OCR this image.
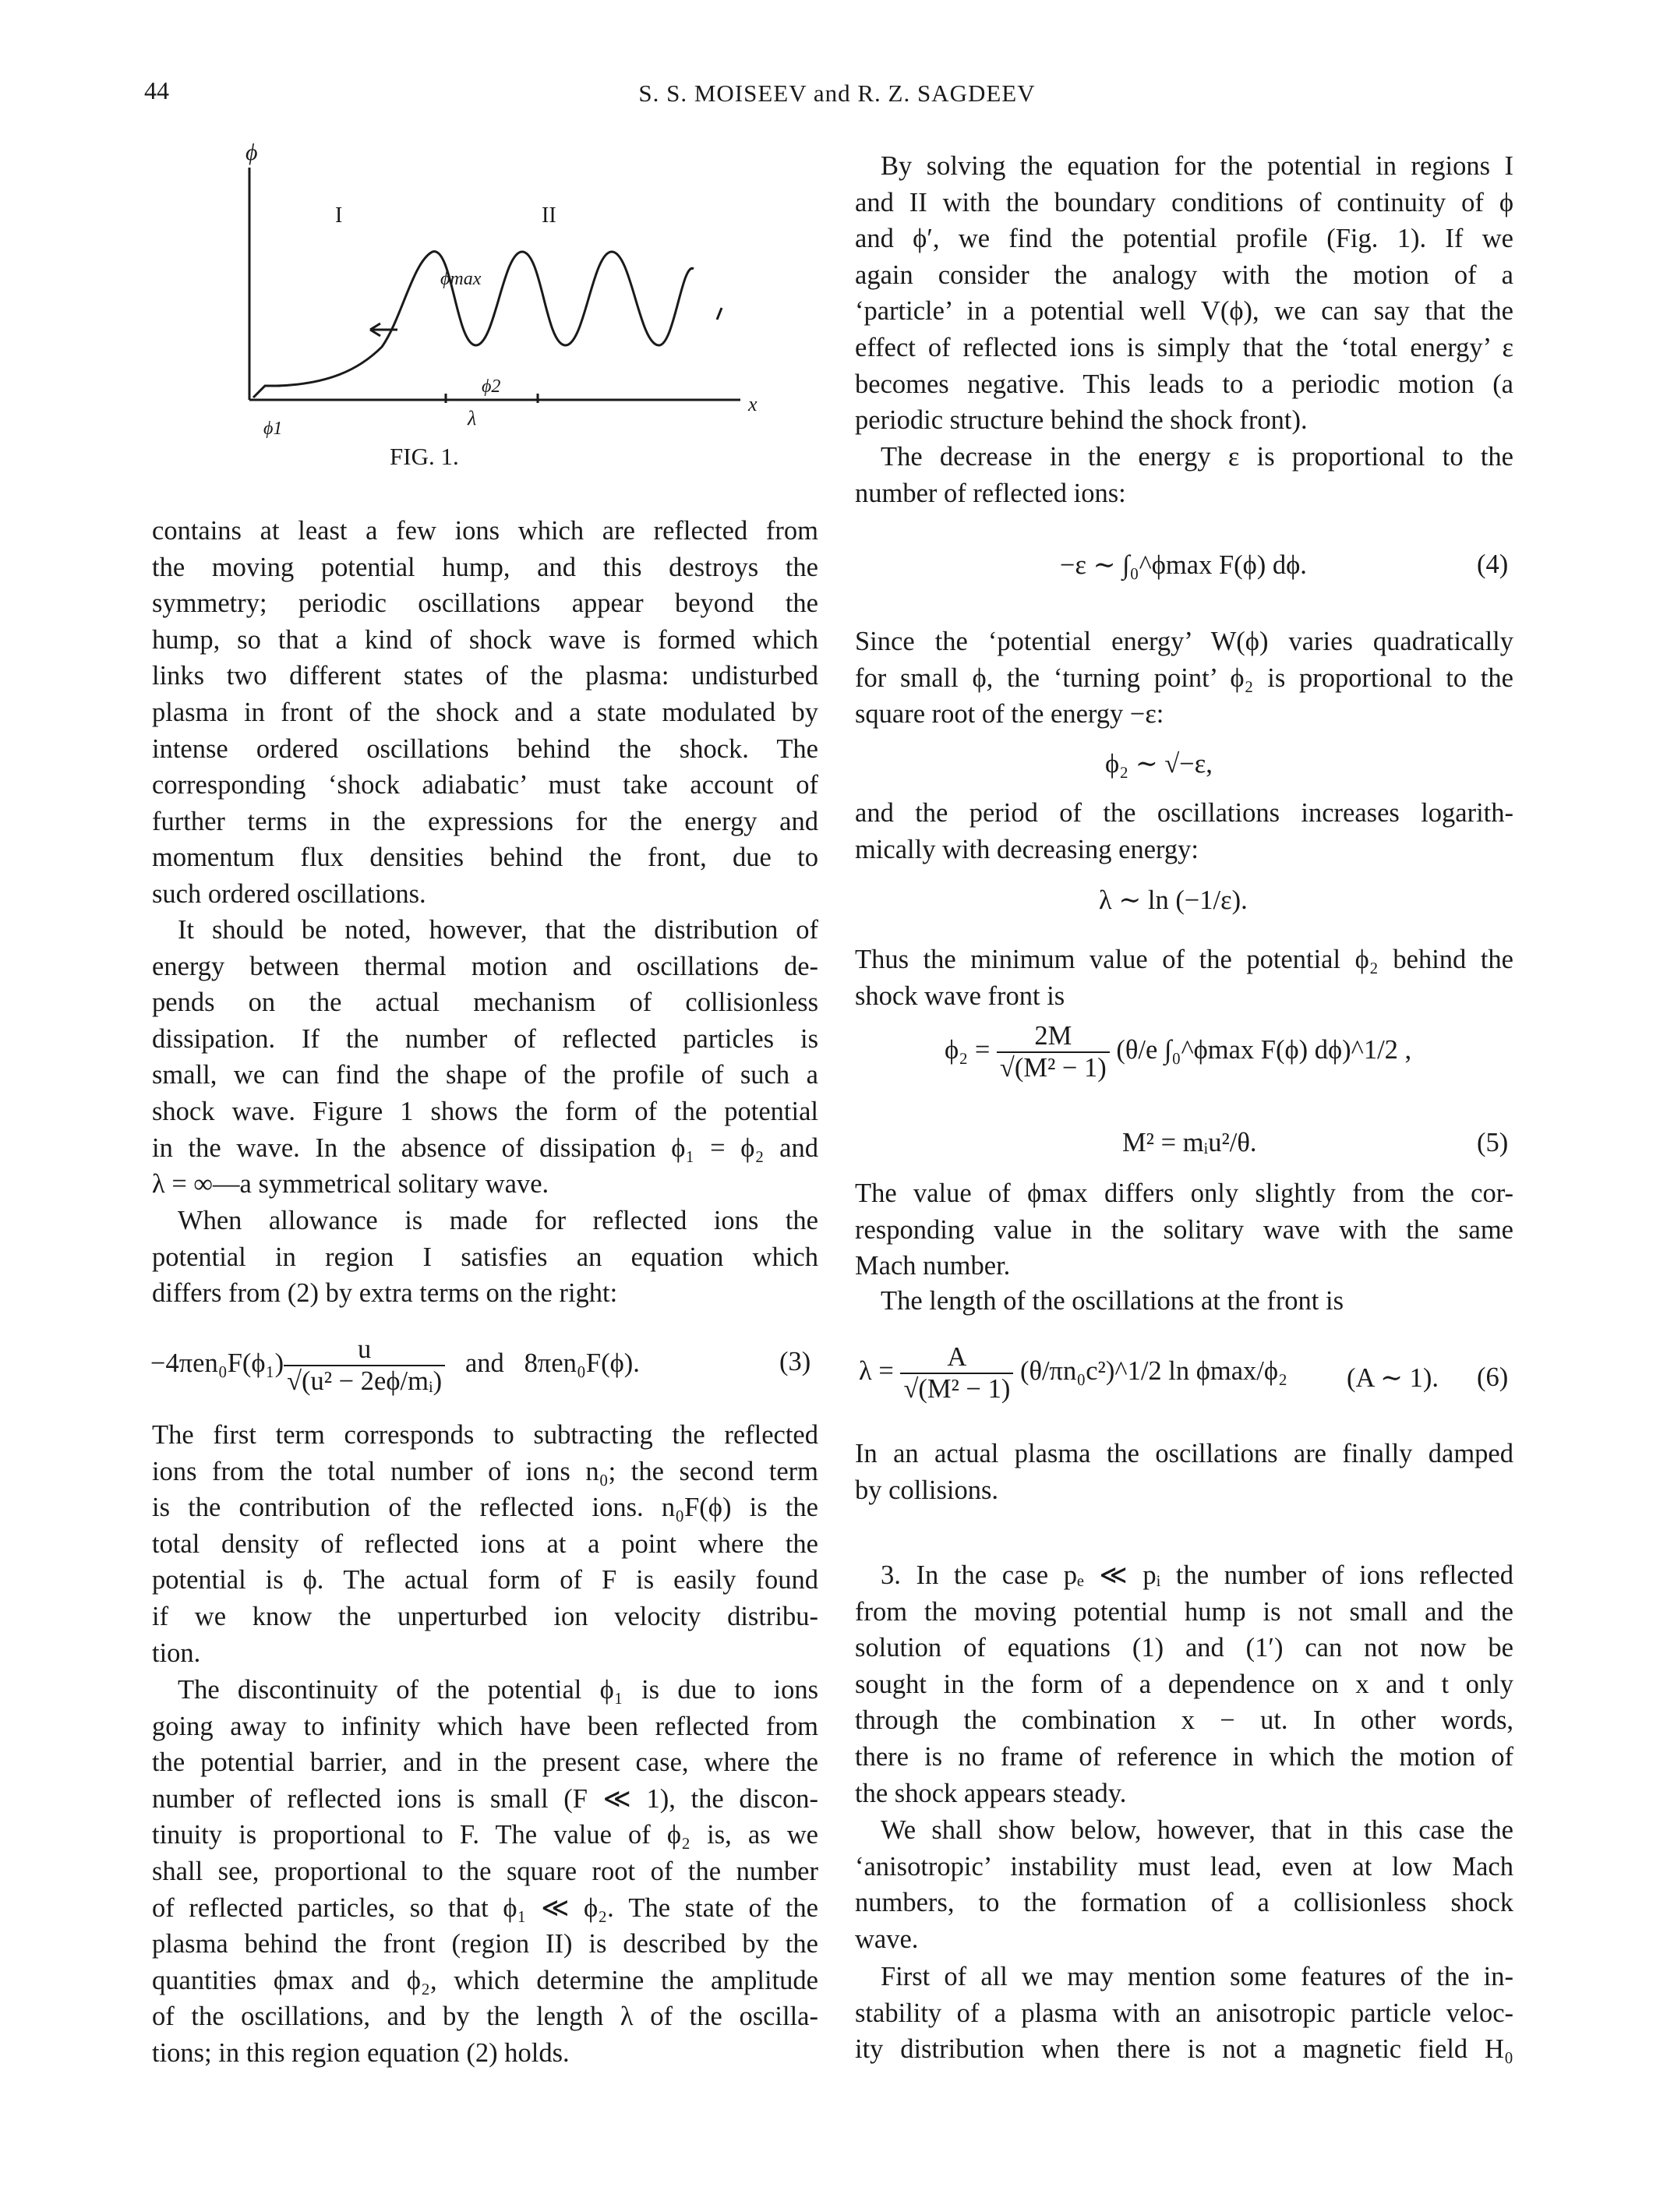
44	S. S. MOISEEV and R. Z. SAGDEEV
ϕ
x
I	II
ϕmax
ϕ2
ϕ1	λ
FIG. 1.
contains at least a few ions which are reflected from
the moving potential hump, and this destroys the
symmetry; periodic oscillations appear beyond the
hump, so that a kind of shock wave is formed which
links two different states of the plasma: undisturbed
plasma in front of the shock and a state modulated by
intense ordered oscillations behind the shock. The
corresponding ‘shock adiabatic’ must take account of
further terms in the expressions for the energy and
momentum flux densities behind the front, due to
such ordered oscillations.
It should be noted, however, that the distribution of
energy between thermal motion and oscillations de-
pends on the actual mechanism of collisionless
dissipation. If the number of reflected particles is
small, we can find the shape of the profile of such a
shock wave. Figure 1 shows the form of the potential
in the wave. In the absence of dissipation ϕ₁ = ϕ₂ and
λ = ∞—a symmetrical solitary wave.
When allowance is made for reflected ions the
potential in region I satisfies an equation which
differs from (2) by extra terms on the right:
$-4\pi en_0F(\phi_1) \frac{u}{\text{√(u² − 2eϕ/mᵢ)}}$ and 8πen₀F(ϕ).	(3)
The first term corresponds to subtracting the reflected
ions from the total number of ions n₀; the second term
is the contribution of the reflected ions. n₀F(ϕ) is the
total density of reflected ions at a point where the
potential is ϕ. The actual form of F is easily found
if we know the unperturbed ion velocity distribu-
tion.
The discontinuity of the potential ϕ₁ is due to ions
going away to infinity which have been reflected from
the potential barrier, and in the present case, where the
number of reflected ions is small (F ≪ 1), the discon-
tinuity is proportional to F. The value of ϕ₂ is, as we
shall see, proportional to the square root of the number
of reflected particles, so that ϕ₁ ≪ ϕ₂. The state of the
plasma behind the front (region II) is described by the
quantities ϕmax and ϕ₂, which determine the amplitude
of the oscillations, and by the length λ of the oscilla-
tions; in this region equation (2) holds.
By solving the equation for the potential in regions I
and II with the boundary conditions of continuity of ϕ
and ϕ′, we find the potential profile (Fig. 1). If we
again consider the analogy with the motion of a
‘particle’ in a potential well V(ϕ), we can say that the
effect of reflected ions is simply that the ‘total energy’ ε
becomes negative. This leads to a periodic motion (a
periodic structure behind the shock front).
The decrease in the energy ε is proportional to the
number of reflected ions:
−ε ∼ ∫₀^ϕmax F(ϕ) dϕ.	(4)
Since the ‘potential energy’ W(ϕ) varies quadratically
for small ϕ, the ‘turning point’ ϕ₂ is proportional to the
square root of the energy −ε:
ϕ₂ ∼ √−ε,
and the period of the oscillations increases logarith-
mically with decreasing energy:
λ ∼ ln (−1/ε).
Thus the minimum value of the potential ϕ₂ behind the
shock wave front is
$\phi_2 = \frac{2M}{\text{√(M² − 1)}} (\theta/e$ ∫₀^ϕmax F(ϕ) dϕ)^1/2 ,
M² = mᵢu²/θ.	(5)
The value of ϕmax differs only slightly from the cor-
responding value in the solitary wave with the same
Mach number.
The length of the oscillations at the front is
$\lambda = \frac{A}{\text{√(M² − 1)}}$ (θ/πn₀c²)^1/2 ln ϕmax/ϕ₂ (A ∼ 1). (6)
In an actual plasma the oscillations are finally damped
by collisions.
3. In the case pₑ ≪ pᵢ the number of ions reflected
from the moving potential hump is not small and the
solution of equations (1) and (1′) can not now be
sought in the form of a dependence on x and t only
through the combination x − ut. In other words,
there is no frame of reference in which the motion of
the shock appears steady.
We shall show below, however, that in this case the
‘anisotropic’ instability must lead, even at low Mach
numbers, to the formation of a collisionless shock
wave.
First of all we may mention some features of the in-
stability of a plasma with an anisotropic particle veloc-
ity distribution when there is not a magnetic field H₀
